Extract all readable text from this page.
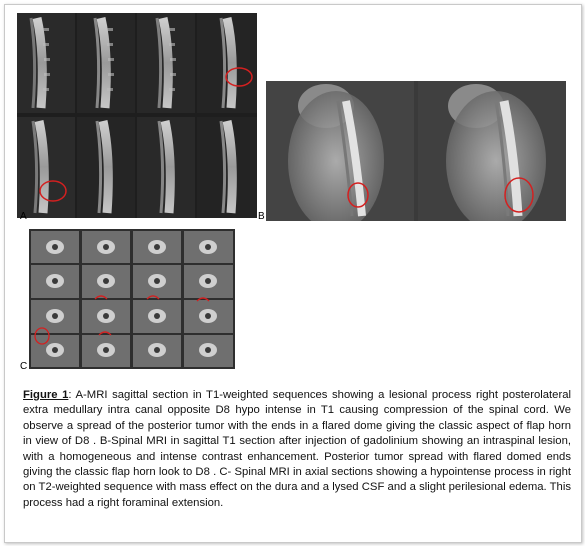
A	B
C
Figure 1: A-MRI sagittal section in T1-weighted sequences showing a lesional process right posterolateral extra medullary intra canal opposite D8 hypo intense in T1 causing compression of the spinal cord. We observe a spread of the posterior tumor with the ends in a flared dome giving the classic aspect of flap horn in view of D8 . B-Spinal MRI in sagittal T1 section after injection of gadolinium showing an intraspinal lesion, with a homogeneous and intense contrast enhancement. Posterior tumor spread with flared domed ends giving the classic flap horn look to D8 . C- Spinal MRI in axial sections showing a hypointense process in right on T2-weighted sequence with mass effect on the dura and a lysed CSF and a slight perilesional edema. This process had a right foraminal extension.
